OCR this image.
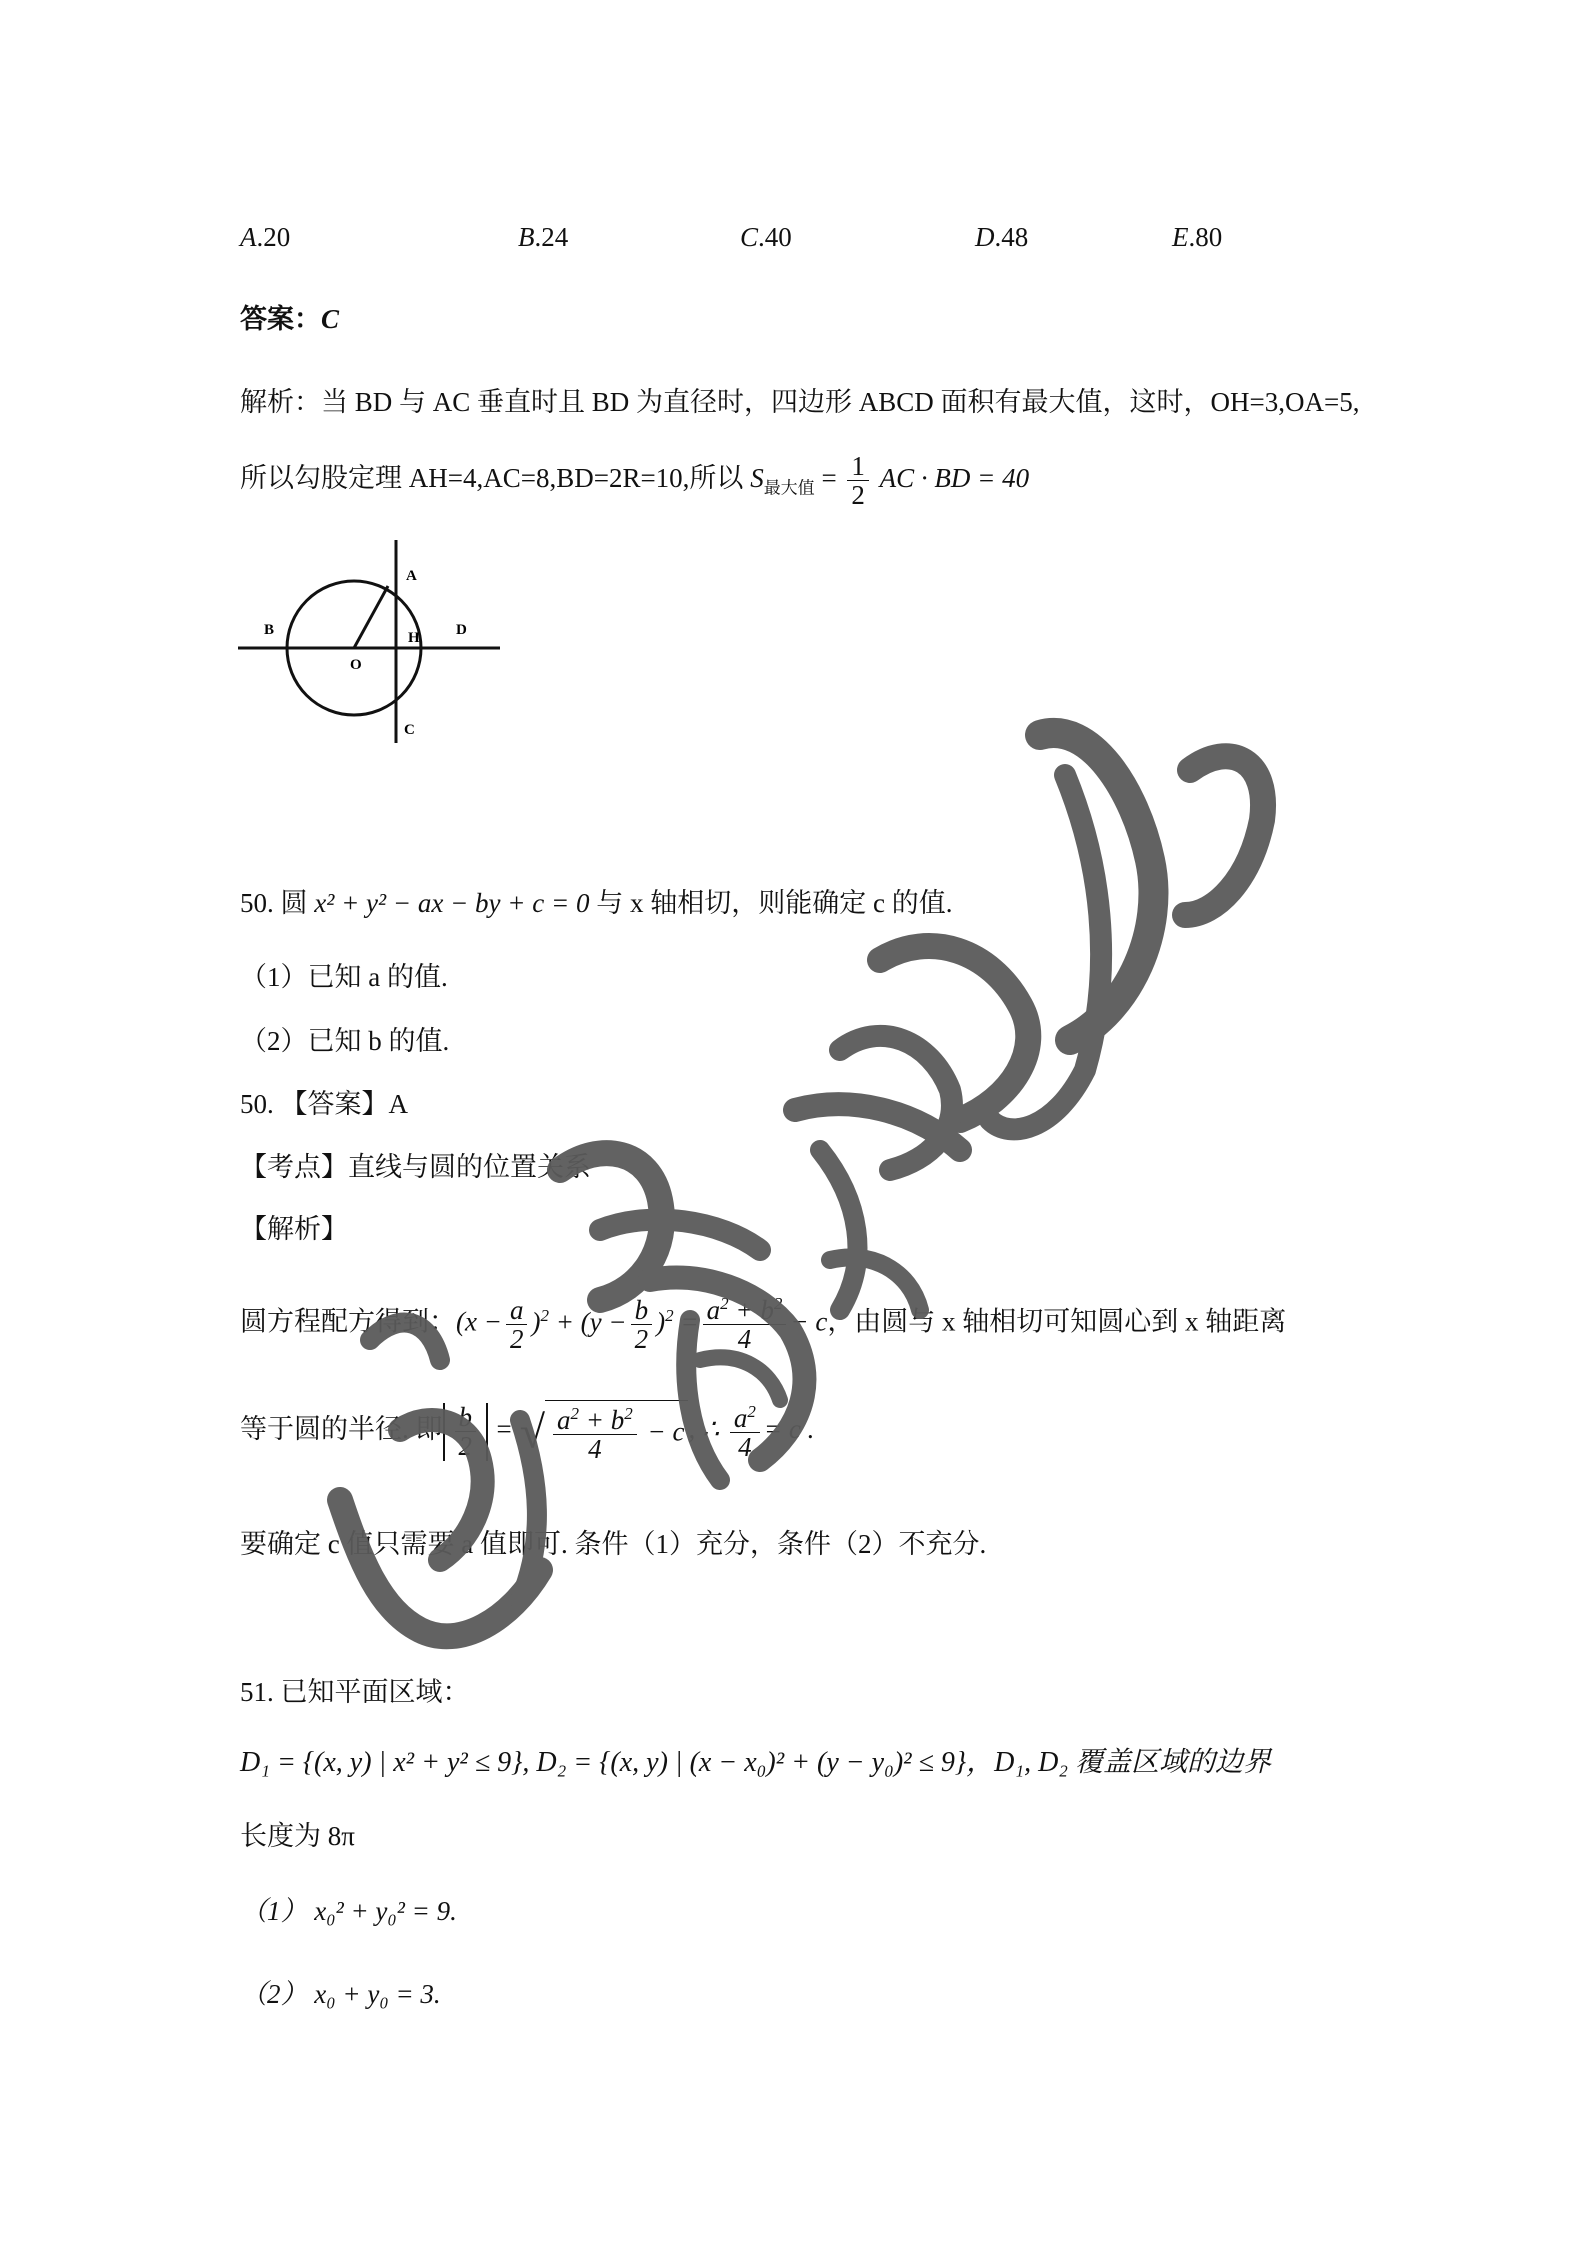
A.20	B.24	C.40	D.48	E.80
答案：C
解析：当 BD 与 AC 垂直时且 BD 为直径时，四边形 ABCD 面积有最大值，这时，OH=3,OA=5,
所以勾股定理 AH=4,AC=8,BD=2R=10,所以 $S_{最大值} = \frac{1}{2}$ AC · BD = 40
A
B
C
D
O
H
50. 圆 x² + y² − ax − by + c = 0 与 x 轴相切，则能确定 c 的值.
（1）已知 a 的值.
（2）已知 b 的值.
50. 【答案】A
【考点】直线与圆的位置关系
【解析】
圆方程配方得到：$(x - \frac{a}{2} )^2 + (y - \frac{b}{2} )^2 = \frac{a^2 + b^2}{4} - c$，由圆与 x 轴相切可知圆心到 x 轴距离
等于圆的半径. 即 $\frac{b}{2}$ = √ $\frac{a^2 + b^2}{4} - c$ , ∴ $\frac{a^2}{4} = c$ .
要确定 c 值只需要 a 值即可. 条件（1）充分，条件（2）不充分.
51. 已知平面区域：
D₁ = {(x, y) | x² + y² ≤ 9}, D₂ = {(x, y) | (x − x₀)² + (y − y₀)² ≤ 9}，D₁, D₂ 覆盖区域的边界
长度为 8π
（1） x₀² + y₀² = 9.
（2） x₀ + y₀ = 3.
